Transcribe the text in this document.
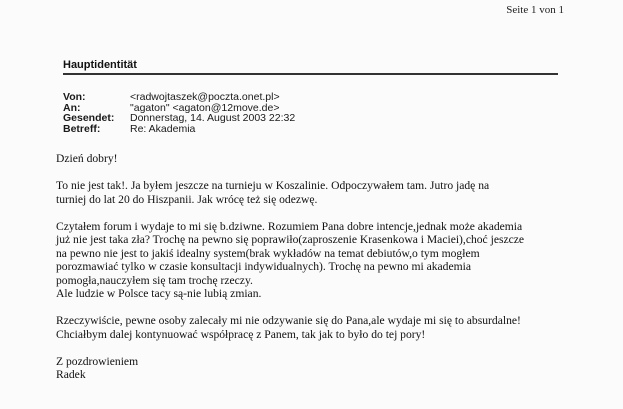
Seite 1 von 1
Hauptidentität
Von:	<radwojtaszek@poczta.onet.pl>
An:	"agaton" <agaton@12move.de>
Gesendet:	Donnerstag, 14. August 2003 22:32
Betreff:	Re: Akademia

Dzień dobry!

To nie jest tak!. Ja byłem jeszcze na turnieju w Koszalinie. Odpoczywałem tam. Jutro jadę na

turniej do lat 20 do Hiszpanii. Jak wrócę też się odezwę.

Czytałem forum i wydaje to mi się b.dziwne. Rozumiem Pana dobre intencje,jednak może akademia

już nie jest taka zła? Trochę na pewno się poprawiło(zaproszenie Krasenkowa i Maciei),choć jeszcze

na pewno nie jest to jakiś idealny system(brak wykładów na temat debiutów,o tym mogłem

porozmawiać tylko w czasie konsultacji indywidualnych). Trochę na pewno mi akademia

pomogła,nauczyłem się tam trochę rzeczy.

Ale ludzie w Polsce tacy są-nie lubią zmian.

Rzeczywiście, pewne osoby zalecały mi nie odzywanie się do Pana,ale wydaje mi się to absurdalne!

Chciałbym dalej kontynuować współpracę z Panem, tak jak to było do tej pory!

Z pozdrowieniem

Radek
